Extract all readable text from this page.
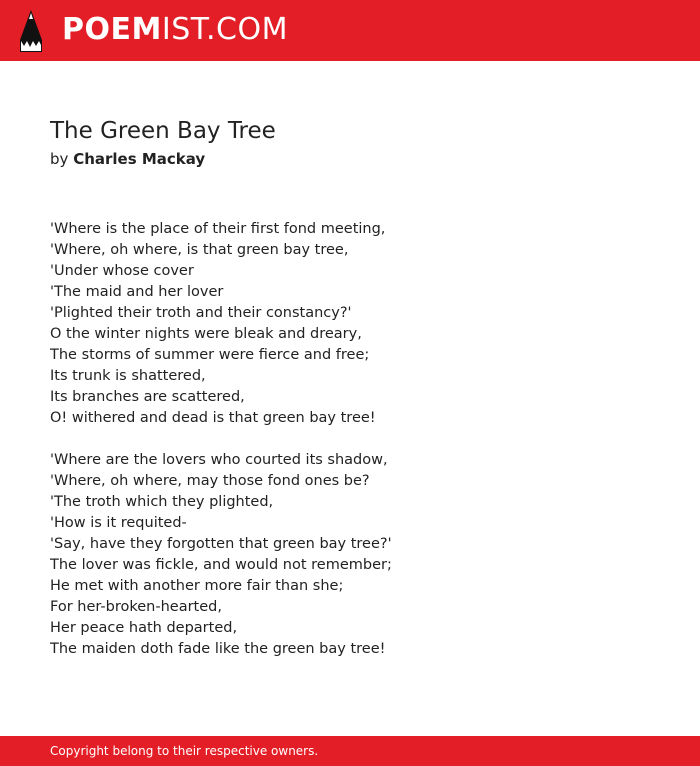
POEMIST.COM
The Green Bay Tree
by Charles Mackay
'Where is the place of their first fond meeting,
'Where, oh where, is that green bay tree,
'Under whose cover
'The maid and her lover
'Plighted their troth and their constancy?'
O the winter nights were bleak and dreary,
The storms of summer were fierce and free;
Its trunk is shattered,
Its branches are scattered,
O! withered and dead is that green bay tree!
'Where are the lovers who courted its shadow,
'Where, oh where, may those fond ones be?
'The troth which they plighted,
'How is it requited-
'Say, have they forgotten that green bay tree?'
The lover was fickle, and would not remember;
He met with another more fair than she;
For her-broken-hearted,
Her peace hath departed,
The maiden doth fade like the green bay tree!
Copyright belong to their respective owners.
